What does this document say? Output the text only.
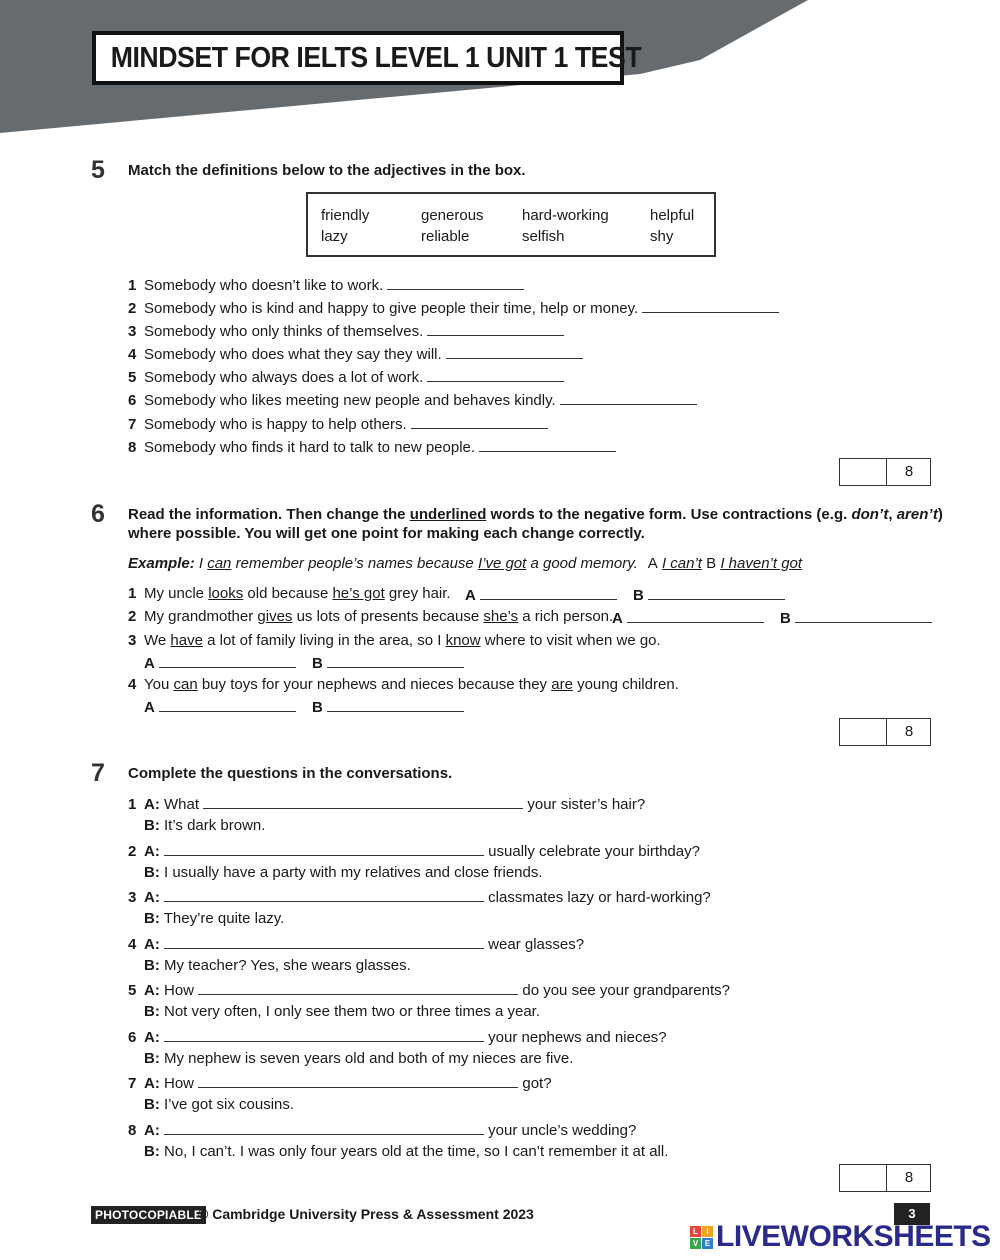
MINDSET FOR IELTS LEVEL 1 UNIT 1 TEST
5 Match the definitions below to the adjectives in the box.
friendly	generous	hard-working	helpful
lazy	reliable	selfish	shy
1 Somebody who doesn’t like to work.
2 Somebody who is kind and happy to give people their time, help or money.
3 Somebody who only thinks of themselves.
4 Somebody who does what they say they will.
5 Somebody who always does a lot of work.
6 Somebody who likes meeting new people and behaves kindly.
7 Somebody who is happy to help others.
8 Somebody who finds it hard to talk to new people.
8
6 Read the information. Then change the underlined words to the negative form. Use contractions (e.g. don’t, aren’t)
where possible. You will get one point for making each change correctly.
Example: I can remember people’s names because I’ve got a good memory. A I can’t B I haven’t got
1 My uncle looks old because he’s got grey hair. A	B
2 My grandmother gives us lots of presents because she’s a rich person.
A	B
3 We have a lot of family living in the area, so I know where to visit when we go.
A	B
4 You can buy toys for your nephews and nieces because they are young children.
A	B
8
7 Complete the questions in the conversations.
1 A: What	your sister’s hair?
B: It’s dark brown.
2 A:	usually celebrate your birthday?
B: I usually have a party with my relatives and close friends.
3 A:	classmates lazy or hard-working?
B: They’re quite lazy.
4 A:	wear glasses?
B: My teacher? Yes, she wears glasses.
5 A: How	do you see your grandparents?
B: Not very often, I only see them two or three times a year.
6 A:	your nephews and nieces?
B: My nephew is seven years old and both of my nieces are five.
7 A: How	got?
B: I’ve got six cousins.
8 A:	your uncle’s wedding?
B: No, I can’t. I was only four years old at the time, so I can’t remember it at all.
8
PHOTOCOPIABLE
© Cambridge University Press & Assessment 2023	3
L	I
V E LIVEWORKSHEETS
